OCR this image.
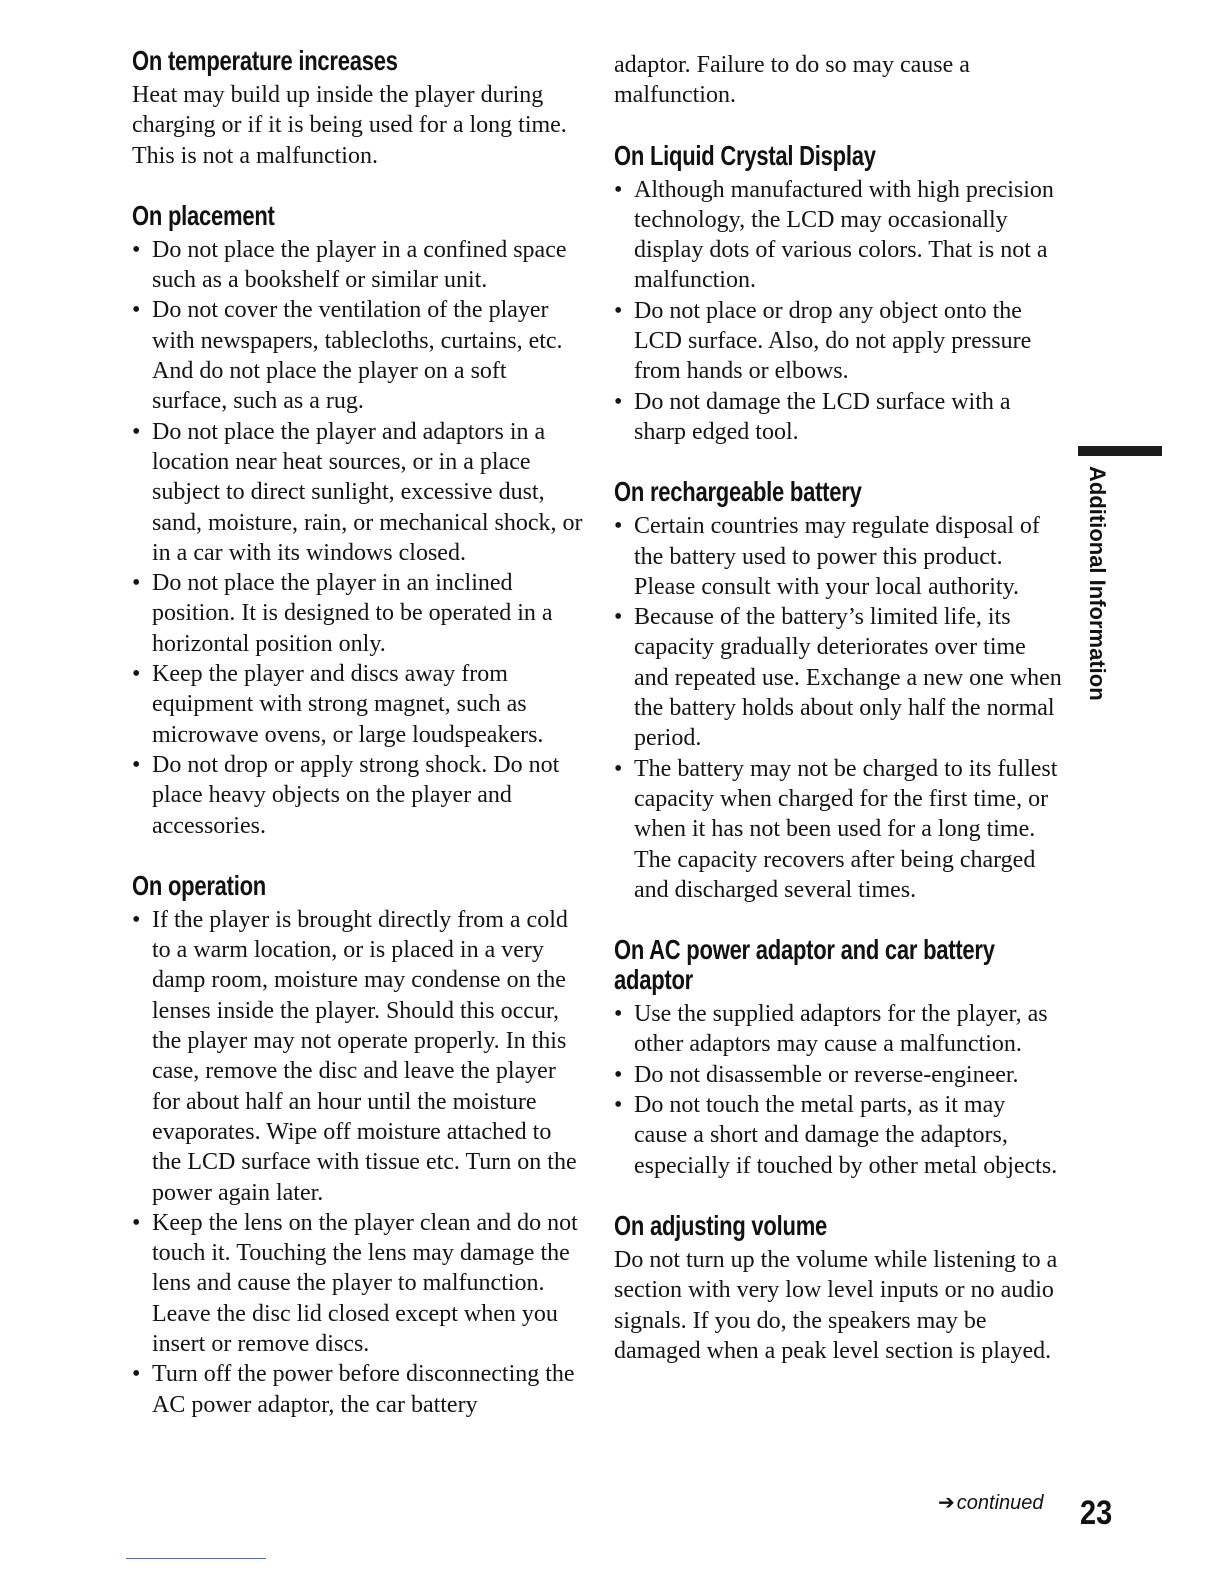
On temperature increases

Heat may build up inside the player during charging or if it is being used for a long time. This is not a malfunction.

On placement
• Do not place the player in a confined space such as a bookshelf or similar unit.
• Do not cover the ventilation of the player with newspapers, tablecloths, curtains, etc. And do not place the player on a soft surface, such as a rug.
• Do not place the player and adaptors in a location near heat sources, or in a place subject to direct sunlight, excessive dust, sand, moisture, rain, or mechanical shock, or in a car with its windows closed.
• Do not place the player in an inclined position. It is designed to be operated in a horizontal position only.
• Keep the player and discs away from equipment with strong magnet, such as microwave ovens, or large loudspeakers.
• Do not drop or apply strong shock. Do not place heavy objects on the player and accessories.
On operation
• If the player is brought directly from a cold to a warm location, or is placed in a very damp room, moisture may condense on the lenses inside the player. Should this occur, the player may not operate properly. In this case, remove the disc and leave the player for about half an hour until the moisture evaporates. Wipe off moisture attached to the LCD surface with tissue etc. Turn on the power again later.
• Keep the lens on the player clean and do not touch it. Touching the lens may damage the lens and cause the player to malfunction. Leave the disc lid closed except when you insert or remove discs.
• Turn off the power before disconnecting the AC power adaptor, the car battery

adaptor. Failure to do so may cause a malfunction.

On Liquid Crystal Display
• Although manufactured with high precision technology, the LCD may occasionally display dots of various colors. That is not a malfunction.
• Do not place or drop any object onto the LCD surface. Also, do not apply pressure from hands or elbows.
• Do not damage the LCD surface with a sharp edged tool.
On rechargeable battery
• Certain countries may regulate disposal of the battery used to power this product. Please consult with your local authority.
• Because of the battery’s limited life, its capacity gradually deteriorates over time and repeated use. Exchange a new one when the battery holds about only half the normal period.
• The battery may not be charged to its fullest capacity when charged for the first time, or when it has not been used for a long time. The capacity recovers after being charged and discharged several times.
On AC power adaptor and car battery adaptor
• Use the supplied adaptors for the player, as other adaptors may cause a malfunction.
• Do not disassemble or reverse-engineer.
• Do not touch the metal parts, as it may cause a short and damage the adaptors, especially if touched by other metal objects.
On adjusting volume

Do not turn up the volume while listening to a section with very low level inputs or no audio signals. If you do, the speakers may be damaged when a peak level section is played.

Additional Information
➔ continued 23
